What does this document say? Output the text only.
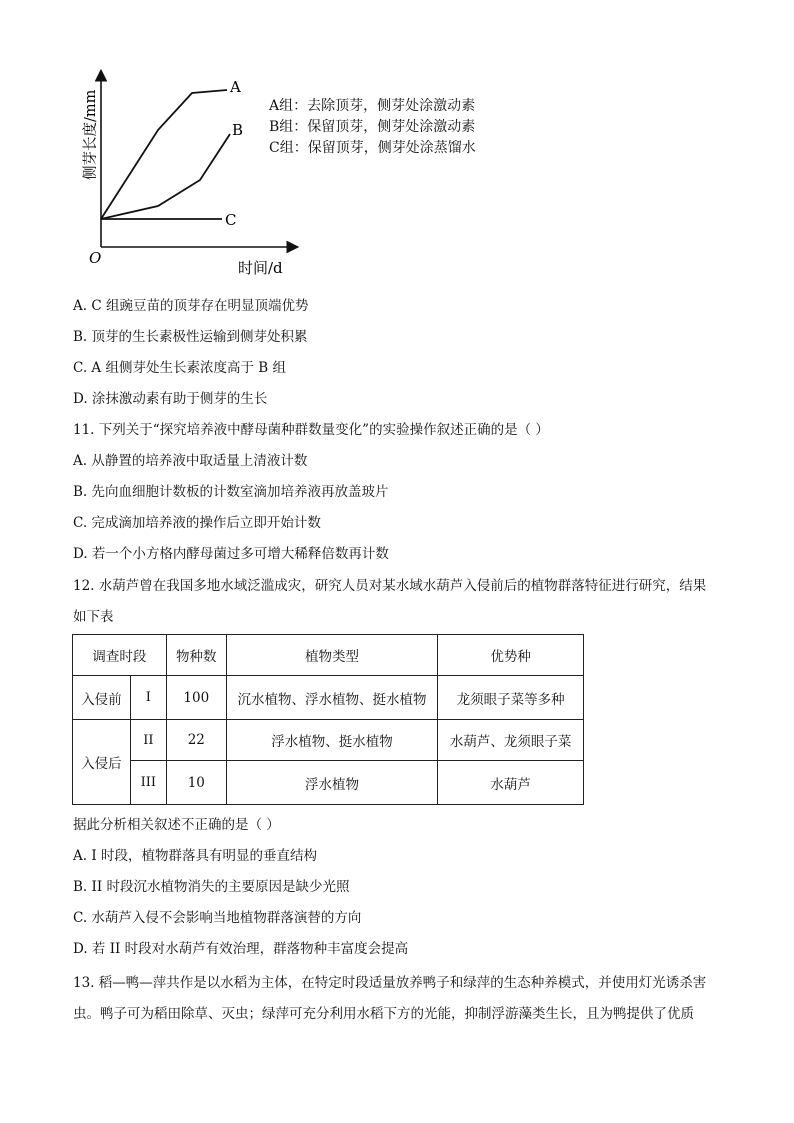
A
B
C
O
时间/d
侧芽长度/mm	A组：去除顶芽，侧芽处涂激动素
B组：保留顶芽，侧芽处涂激动素
C组：保留顶芽，侧芽处涂蒸馏水
A. C 组豌豆苗的顶芽存在明显顶端优势
B. 顶芽的生长素极性运输到侧芽处积累
C. A 组侧芽处生长素浓度高于 B 组
D. 涂抹激动素有助于侧芽的生长
11. 下列关于“探究培养液中酵母菌种群数量变化”的实验操作叙述正确的是（ ）
A. 从静置的培养液中取适量上清液计数
B. 先向血细胞计数板的计数室滴加培养液再放盖玻片
C. 完成滴加培养液的操作后立即开始计数
D. 若一个小方格内酵母菌过多可增大稀释倍数再计数
12. 水葫芦曾在我国多地水域泛滥成灾，研究人员对某水域水葫芦入侵前后的植物群落特征进行研究，结果
如下表
调查时段		物种数	植物类型	优势种
入侵前	I	100	沉水植物、浮水植物、挺水植物	龙须眼子菜等多种
入侵后	II	22	浮水植物、挺水植物	水葫芦、龙须眼子菜
	III	10	浮水植物	水葫芦
据此分析相关叙述不正确的是（ ）
A. I 时段，植物群落具有明显的垂直结构
B. II 时段沉水植物消失的主要原因是缺少光照
C. 水葫芦入侵不会影响当地植物群落演替的方向
D. 若 II 时段对水葫芦有效治理，群落物种丰富度会提高
13. 稻—鸭—萍共作是以水稻为主体，在特定时段适量放养鸭子和绿萍的生态种养模式，并使用灯光诱杀害
虫。鸭子可为稻田除草、灭虫；绿萍可充分利用水稻下方的光能，抑制浮游藻类生长，且为鸭提供了优质
